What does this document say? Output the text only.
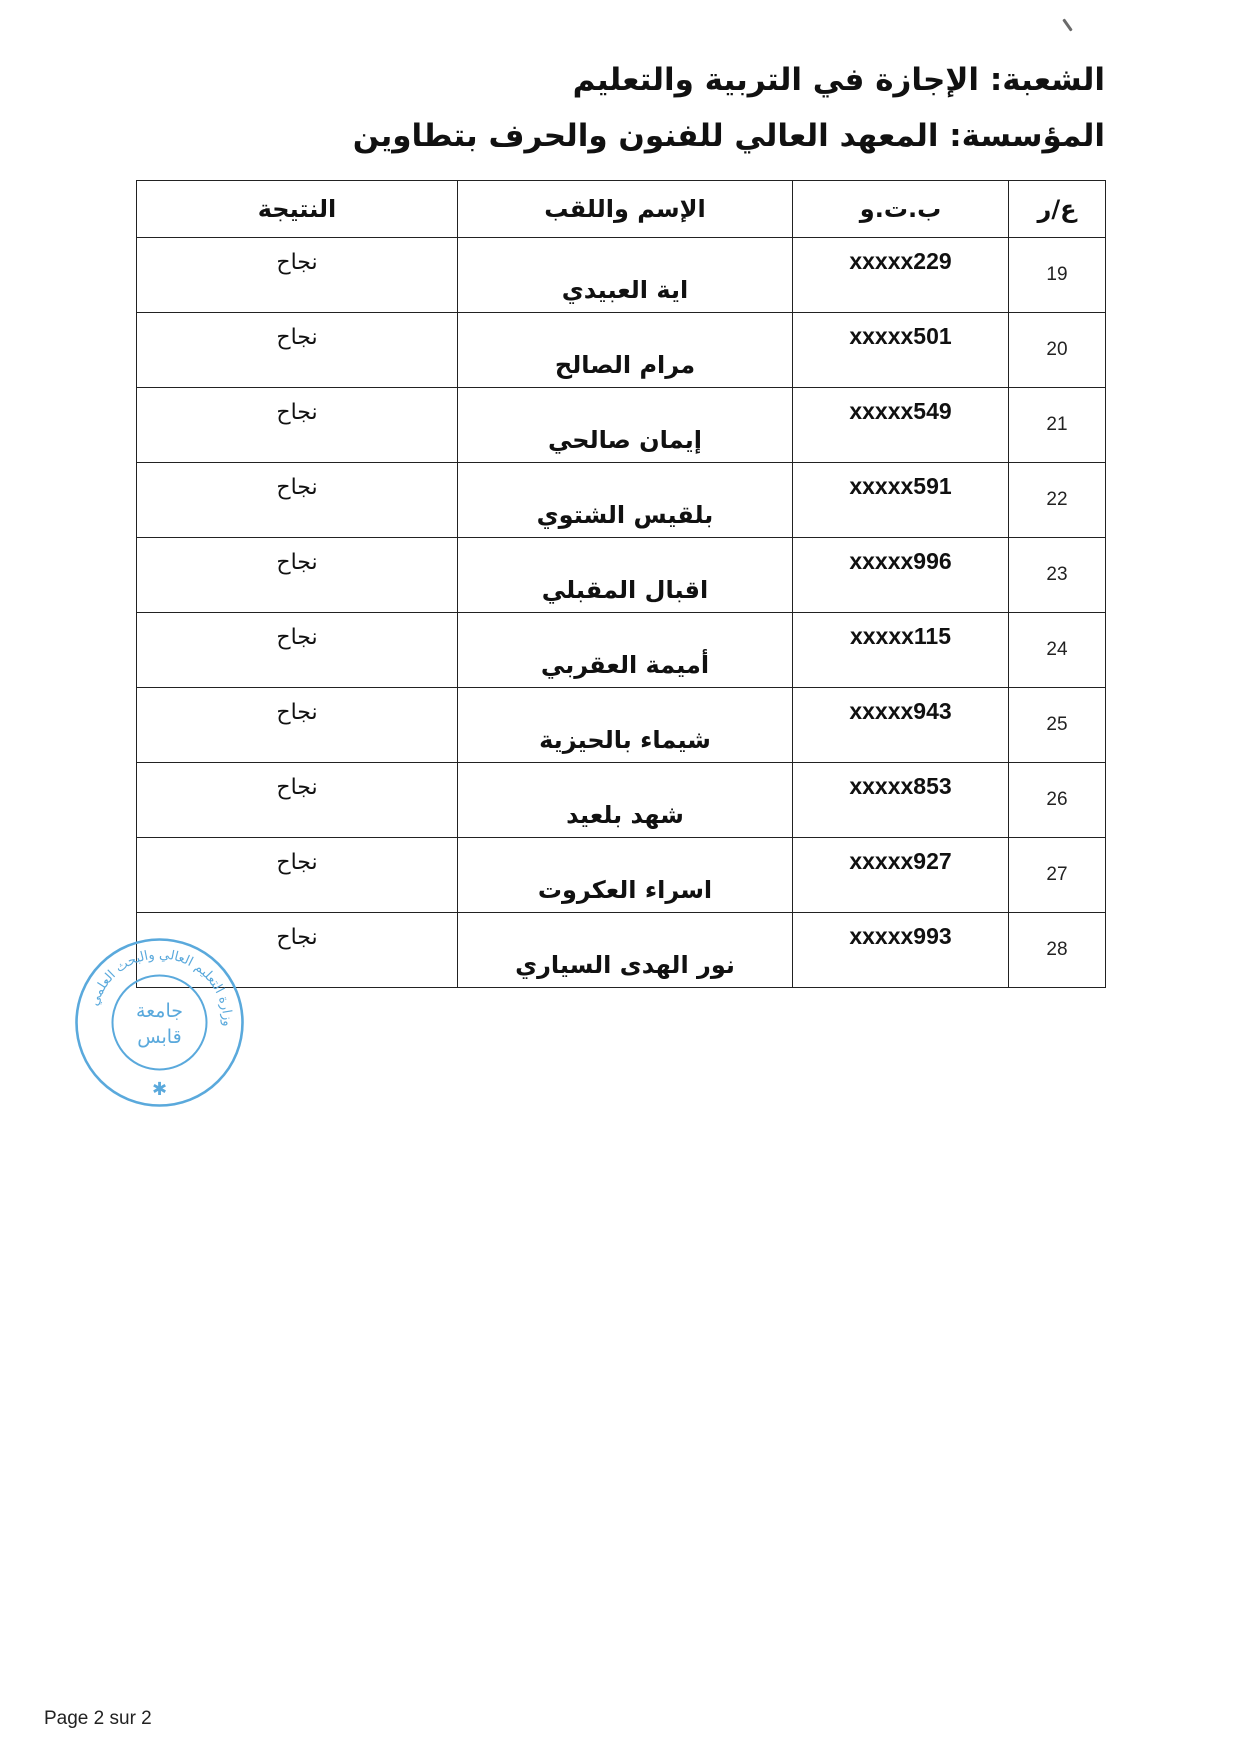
الشعبة: الإجازة في التربية والتعليم
المؤسسة: المعهد العالي للفنون والحرف بتطاوين
ع/ر	ب.ت.و	الإسم واللقب	النتيجة
19	xxxxx229	اية العبيدي	نجاح
20	xxxxx501	مرام الصالح	نجاح
21	xxxxx549	إيمان صالحي	نجاح
22	xxxxx591	بلقيس الشتوي	نجاح
23	xxxxx996	اقبال المقبلي	نجاح
24	xxxxx115	أميمة العقربي	نجاح
25	xxxxx943	شيماء بالحيزية	نجاح
26	xxxxx853	شهد بلعيد	نجاح
27	xxxxx927	اسراء العكروت	نجاح
28	xxxxx993	نور الهدى السياري	نجاح
وزارة التعليم العالي والبحث العلمي
جامعة
قابس
✱
Page 2 sur 2
